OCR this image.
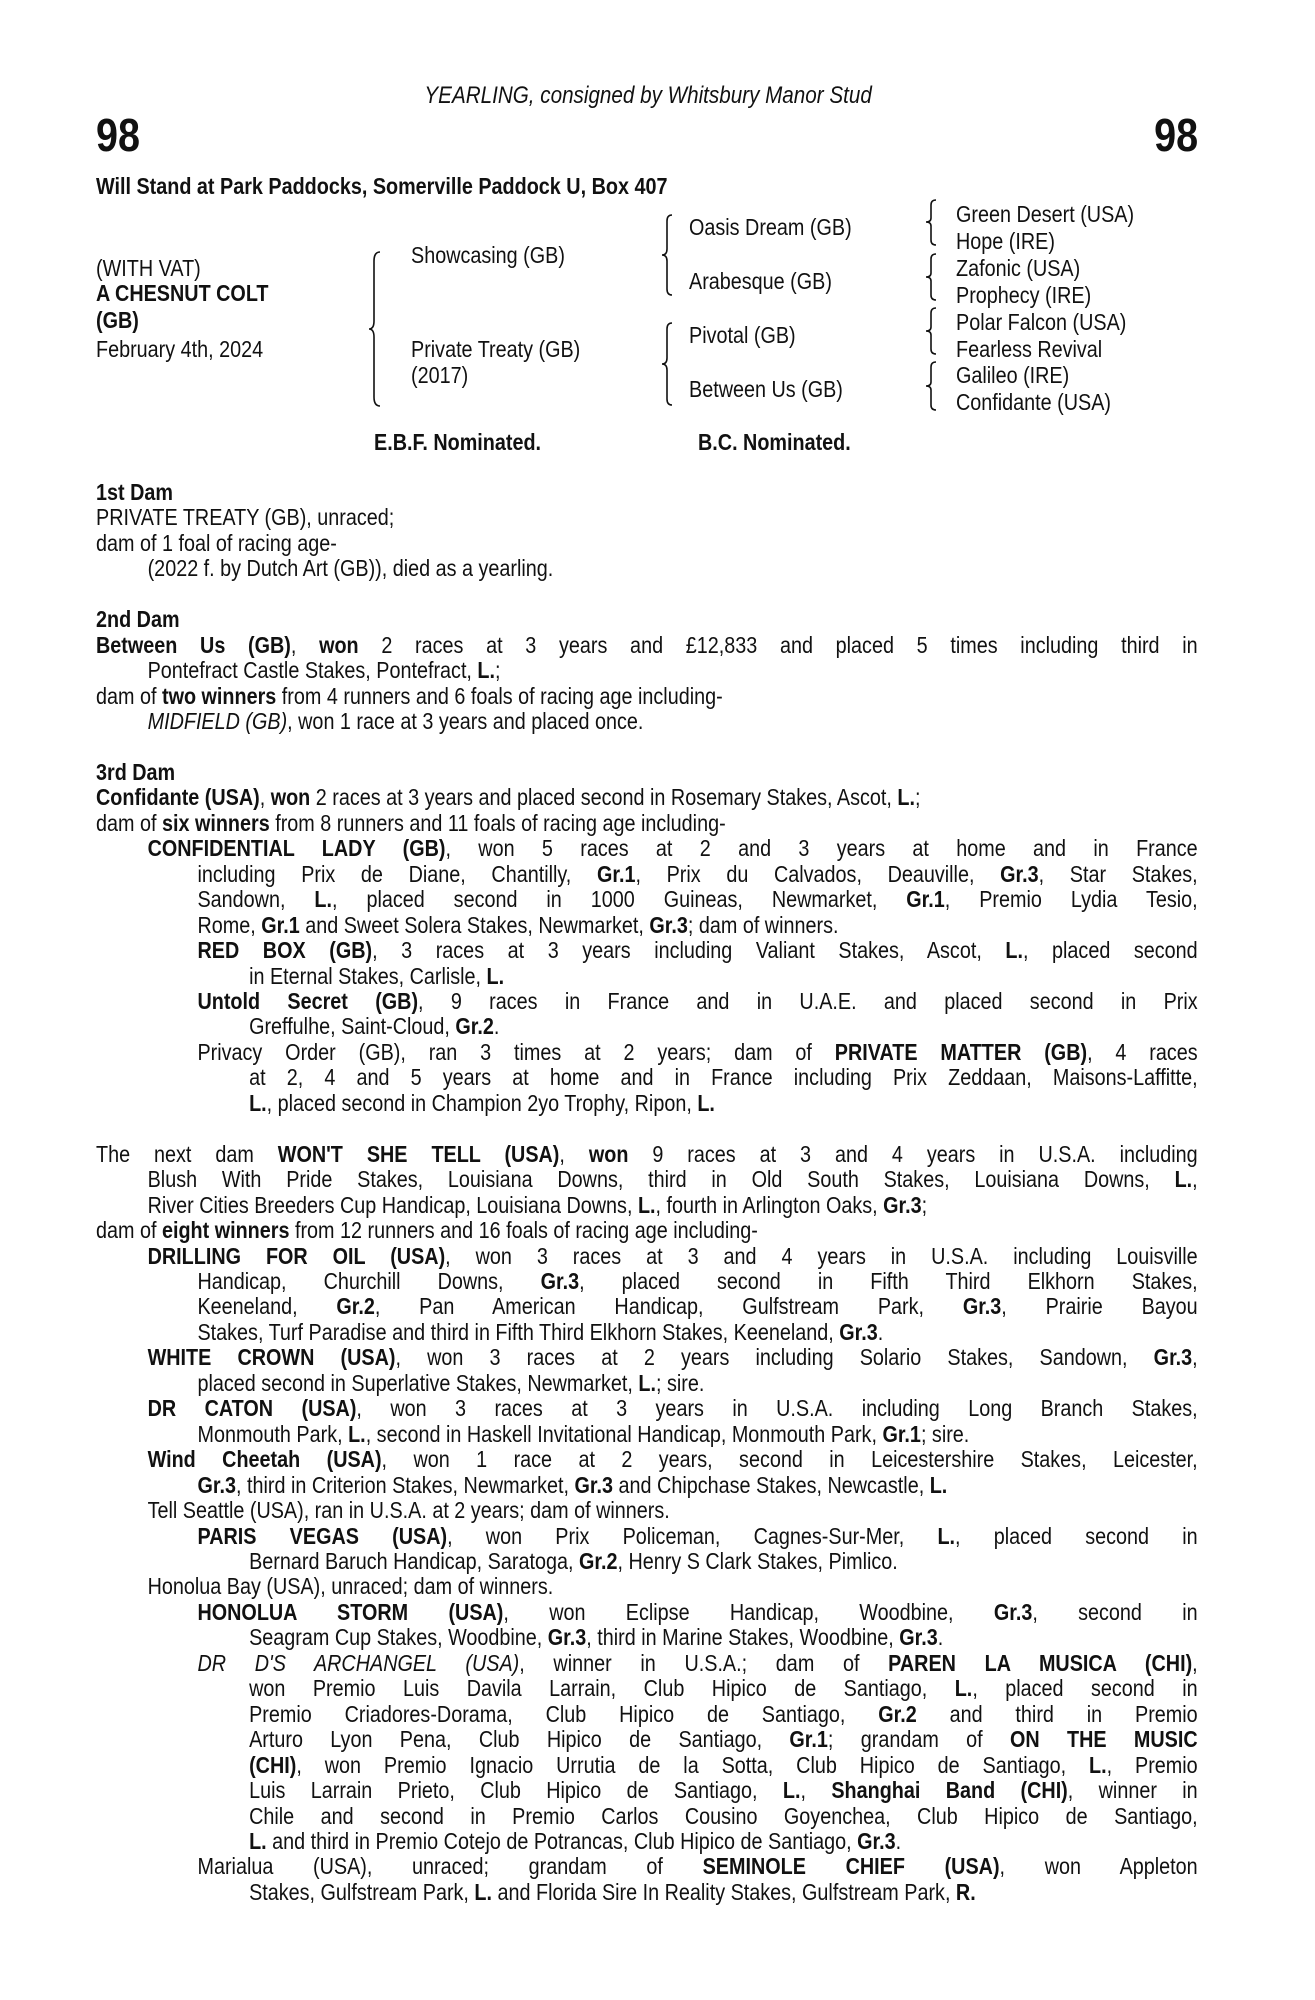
YEARLING, consigned by Whitsbury Manor Stud
98	98
Will Stand at Park Paddocks, Somerville Paddock U, Box 407
(WITH VAT)
A CHESNUT COLT
(GB)
February 4th, 2024
Showcasing (GB)
Private Treaty (GB)
(2017)
Oasis Dream (GB)
Arabesque (GB)
Pivotal (GB)
Between Us (GB)
Green Desert (USA)
Hope (IRE)
Zafonic (USA)
Prophecy (IRE)
Polar Falcon (USA)
Fearless Revival
Galileo (IRE)
Confidante (USA)
E.B.F. Nominated.	B.C. Nominated.
1st Dam
PRIVATE TREATY (GB), unraced;
dam of 1 foal of racing age-
(2022 f. by Dutch Art (GB)), died as a yearling.
2nd Dam
Between Us (GB), won 2 races at 3 years and £12,833 and placed 5 times including third in
Pontefract Castle Stakes, Pontefract, L.;
dam of two winners from 4 runners and 6 foals of racing age including-
MIDFIELD (GB), won 1 race at 3 years and placed once.
3rd Dam
Confidante (USA), won 2 races at 3 years and placed second in Rosemary Stakes, Ascot, L.;
dam of six winners from 8 runners and 11 foals of racing age including-
CONFIDENTIAL LADY (GB), won 5 races at 2 and 3 years at home and in France
including Prix de Diane, Chantilly, Gr.1, Prix du Calvados, Deauville, Gr.3, Star Stakes,
Sandown, L., placed second in 1000 Guineas, Newmarket, Gr.1, Premio Lydia Tesio,
Rome, Gr.1 and Sweet Solera Stakes, Newmarket, Gr.3; dam of winners.
RED BOX (GB), 3 races at 3 years including Valiant Stakes, Ascot, L., placed second
in Eternal Stakes, Carlisle, L.
Untold Secret (GB), 9 races in France and in U.A.E. and placed second in Prix
Greffulhe, Saint-Cloud, Gr.2.
Privacy Order (GB), ran 3 times at 2 years; dam of PRIVATE MATTER (GB), 4 races
at 2, 4 and 5 years at home and in France including Prix Zeddaan, Maisons-Laffitte,
L., placed second in Champion 2yo Trophy, Ripon, L.
The next dam WON'T SHE TELL (USA), won 9 races at 3 and 4 years in U.S.A. including
Blush With Pride Stakes, Louisiana Downs, third in Old South Stakes, Louisiana Downs, L.,
River Cities Breeders Cup Handicap, Louisiana Downs, L., fourth in Arlington Oaks, Gr.3;
dam of eight winners from 12 runners and 16 foals of racing age including-
DRILLING FOR OIL (USA), won 3 races at 3 and 4 years in U.S.A. including Louisville
Handicap, Churchill Downs, Gr.3, placed second in Fifth Third Elkhorn Stakes,
Keeneland, Gr.2, Pan American Handicap, Gulfstream Park, Gr.3, Prairie Bayou
Stakes, Turf Paradise and third in Fifth Third Elkhorn Stakes, Keeneland, Gr.3.
WHITE CROWN (USA), won 3 races at 2 years including Solario Stakes, Sandown, Gr.3,
placed second in Superlative Stakes, Newmarket, L.; sire.
DR CATON (USA), won 3 races at 3 years in U.S.A. including Long Branch Stakes,
Monmouth Park, L., second in Haskell Invitational Handicap, Monmouth Park, Gr.1; sire.
Wind Cheetah (USA), won 1 race at 2 years, second in Leicestershire Stakes, Leicester,
Gr.3, third in Criterion Stakes, Newmarket, Gr.3 and Chipchase Stakes, Newcastle, L.
Tell Seattle (USA), ran in U.S.A. at 2 years; dam of winners.
PARIS VEGAS (USA), won Prix Policeman, Cagnes-Sur-Mer, L., placed second in
Bernard Baruch Handicap, Saratoga, Gr.2, Henry S Clark Stakes, Pimlico.
Honolua Bay (USA), unraced; dam of winners.
HONOLUA STORM (USA), won Eclipse Handicap, Woodbine, Gr.3, second in
Seagram Cup Stakes, Woodbine, Gr.3, third in Marine Stakes, Woodbine, Gr.3.
DR D'S ARCHANGEL (USA), winner in U.S.A.; dam of PAREN LA MUSICA (CHI),
won Premio Luis Davila Larrain, Club Hipico de Santiago, L., placed second in
Premio Criadores-Dorama, Club Hipico de Santiago, Gr.2 and third in Premio
Arturo Lyon Pena, Club Hipico de Santiago, Gr.1; grandam of ON THE MUSIC
(CHI), won Premio Ignacio Urrutia de la Sotta, Club Hipico de Santiago, L., Premio
Luis Larrain Prieto, Club Hipico de Santiago, L., Shanghai Band (CHI), winner in
Chile and second in Premio Carlos Cousino Goyenchea, Club Hipico de Santiago,
L. and third in Premio Cotejo de Potrancas, Club Hipico de Santiago, Gr.3.
Marialua (USA), unraced; grandam of SEMINOLE CHIEF (USA), won Appleton
Stakes, Gulfstream Park, L. and Florida Sire In Reality Stakes, Gulfstream Park, R.
